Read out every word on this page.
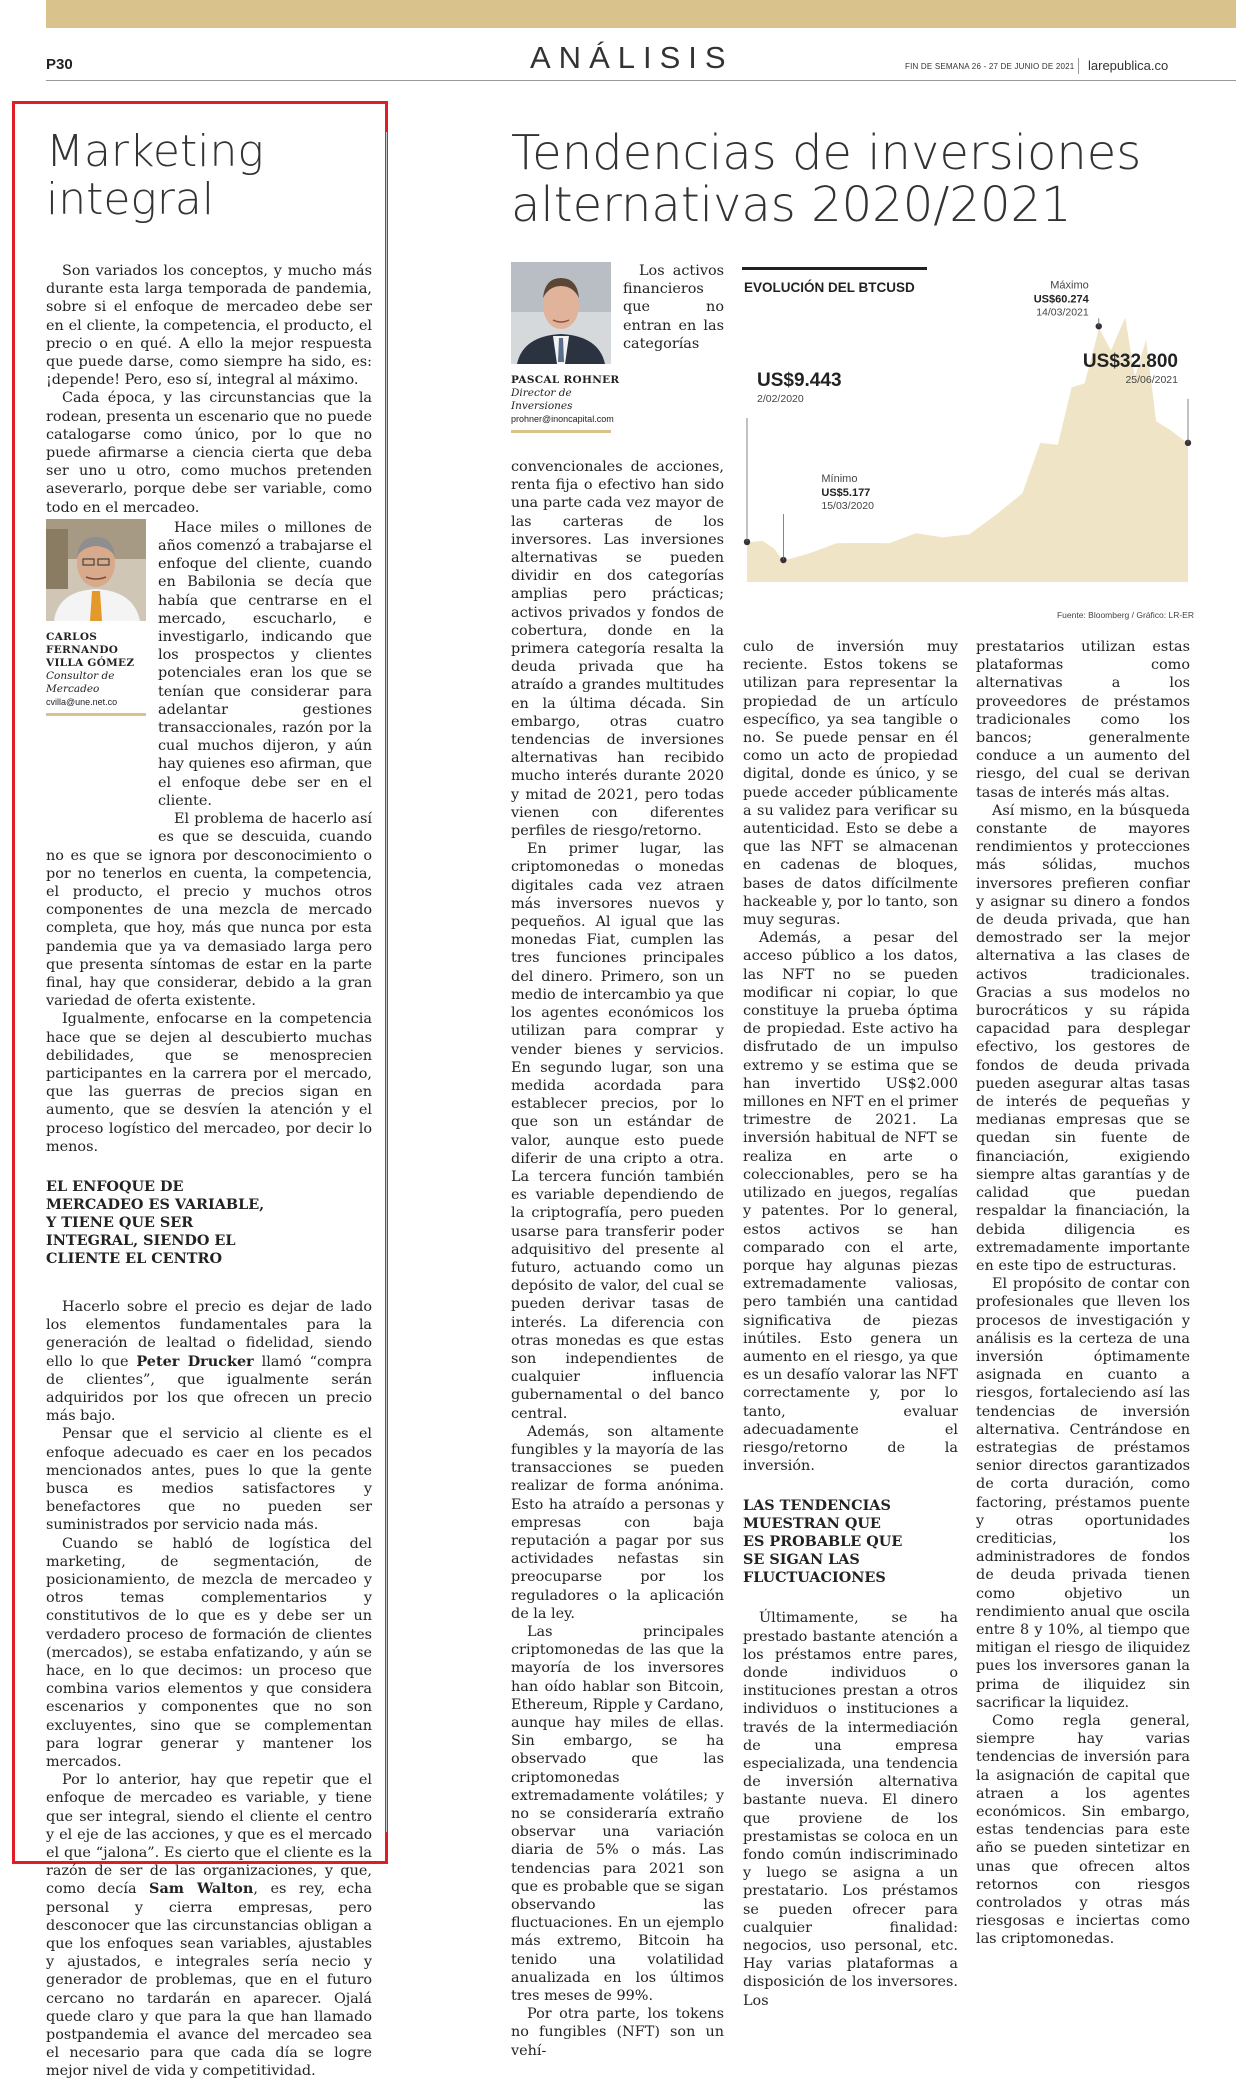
P30	ANÁLISIS	FIN DE SEMANA 26 - 27 DE JUNIO DE 2021 larepublica.co
Marketing integral
Tendencias de inversiones alternativas 2020/2021

Son variados los conceptos, y mucho más durante esta larga temporada de pandemia, sobre si el enfoque de mercadeo debe ser en el cliente, la competencia, el producto, el precio o en qué. A ello la mejor respuesta que puede darse, como siempre ha sido, es: ¡depende! Pero, eso sí, integral al máximo.

Cada época, y las circunstancias que la rodean, presenta un escenario que no puede catalogarse como único, por lo que no puede afirmarse a ciencia cierta que deba ser uno u otro, como muchos pretenden aseverarlo, porque debe ser variable, como todo en el mercadeo.

CARLOS FERNANDO VILLA GÓMEZ
Consultor de Mercadeo
cvilla@une.net.co

Hace miles o millones de años comenzó a trabajarse el enfoque del cliente, cuando en Babilonia se decía que había que centrarse en el mercado, escucharlo, e investigarlo, indicando que los prospectos y clientes potenciales eran los que se tenían que considerar para adelantar gestiones transaccionales, razón por la cual muchos dijeron, y aún hay quienes eso afirman, que el enfoque debe ser en el cliente.

El problema de hacerlo así es que se descuida, cuando no es que se ignora por desconocimiento o por no tenerlos en cuenta, la competencia, el producto, el precio y muchos otros componentes de una mezcla de mercado completa, que hoy, más que nunca por esta pandemia que ya va demasiado larga pero que presenta síntomas de estar en la parte final, hay que considerar, debido a la gran variedad de oferta existente.

Igualmente, enfocarse en la competencia hace que se dejen al descubierto muchas debilidades, que se menosprecien participantes en la carrera por el mercado, que las guerras de precios sigan en aumento, que se desvíen la atención y el proceso logístico del mercadeo, por decir lo menos.

EL ENFOQUE DE MERCADEO ES VARIABLE, Y TIENE QUE SER INTEGRAL, SIENDO EL CLIENTE EL CENTRO

Hacerlo sobre el precio es dejar de lado los elementos fundamentales para la generación de lealtad o fidelidad, siendo ello lo que Peter Drucker llamó “compra de clientes”, que igualmente serán adquiridos por los que ofrecen un precio más bajo.

Pensar que el servicio al cliente es el enfoque adecuado es caer en los pecados mencionados antes, pues lo que la gente busca es medios satisfactores y benefactores que no pueden ser suministrados por servicio nada más.

Cuando se habló de logística del marketing, de segmentación, de posicionamiento, de mezcla de mercadeo y otros temas complementarios y constitutivos de lo que es y debe ser un verdadero proceso de formación de clientes (mercados), se estaba enfatizando, y aún se hace, en lo que decimos: un proceso que combina varios elementos y que considera escenarios y componentes que no son excluyentes, sino que se complementan para lograr generar y mantener los mercados.

Por lo anterior, hay que repetir que el enfoque de mercadeo es variable, y tiene que ser integral, siendo el cliente el centro y el eje de las acciones, y que es el mercado el que “jalona”. Es cierto que el cliente es la razón de ser de las organizaciones, y que, como decía Sam Walton, es rey, echa personal y cierra empresas, pero desconocer que las circunstancias obligan a que los enfoques sean variables, ajustables y ajustados, e integrales sería necio y generador de problemas, que en el futuro cercano no tardarán en aparecer. Ojalá quede claro y que para la que han llamado postpandemia el avance del mercadeo sea el necesario para que cada día se logre mejor nivel de vida y competitividad.

PASCAL ROHNER
Director de Inversiones
prohner@inoncapital.com

Los activos financieros que no entran en las categorías convencionales de acciones, renta fija o efectivo han sido una parte cada vez mayor de las carteras de los inversores. Las inversiones alternativas se pueden dividir en dos categorías amplias pero prácticas; activos privados y fondos de cobertura, donde en la primera categoría resalta la deuda privada que ha atraído a grandes multitudes en la última década. Sin embargo, otras cuatro tendencias de inversiones alternativas han recibido mucho interés durante 2020 y mitad de 2021, pero todas vienen con diferentes perfiles de riesgo/retorno.

En primer lugar, las criptomonedas o monedas digitales cada vez atraen más inversores nuevos y pequeños. Al igual que las monedas Fiat, cumplen las tres funciones principales del dinero. Primero, son un medio de intercambio ya que los agentes económicos los utilizan para comprar y vender bienes y servicios. En segundo lugar, son una medida acordada para establecer precios, por lo que son un estándar de valor, aunque esto puede diferir de una cripto a otra. La tercera función también es variable dependiendo de la criptografía, pero pueden usarse para transferir poder adquisitivo del presente al futuro, actuando como un depósito de valor, del cual se pueden derivar tasas de interés. La diferencia con otras monedas es que estas son independientes de cualquier influencia gubernamental o del banco central.

Además, son altamente fungibles y la mayoría de las transacciones se pueden realizar de forma anónima. Esto ha atraído a personas y empresas con baja reputación a pagar por sus actividades nefastas sin preocuparse por los reguladores o la aplicación de la ley.

Las principales criptomonedas de las que la mayoría de los inversores han oído hablar son Bitcoin, Ethereum, Ripple y Cardano, aunque hay miles de ellas. Sin embargo, se ha observado que las criptomonedas extremadamente volátiles; y no se consideraría extraño observar una variación diaria de 5% o más. Las tendencias para 2021 son que es probable que se sigan observando las fluctuaciones. En un ejemplo más extremo, Bitcoin ha tenido una volatilidad anualizada en los últimos tres meses de 99%.

Por otra parte, los tokens no fungibles (NFT) son un vehí-

EVOLUCIÓN DEL BTCUSD
US$9.443
2/02/2020
Mínimo
US$5.177
15/03/2020
Máximo
US$60.274
14/03/2021
US$32.800
25/06/2021
Fuente: Bloomberg / Gráfico: LR-ER

culo de inversión muy reciente. Estos tokens se utilizan para representar la propiedad de un artículo específico, ya sea tangible o no. Se puede pensar en él como un acto de propiedad digital, donde es único, y se puede acceder públicamente a su validez para verificar su autenticidad. Esto se debe a que las NFT se almacenan en cadenas de bloques, bases de datos difícilmente hackeable y, por lo tanto, son muy seguras.

Además, a pesar del acceso público a los datos, las NFT no se pueden modificar ni copiar, lo que constituye la prueba óptima de propiedad. Este activo ha disfrutado de un impulso extremo y se estima que se han invertido US$2.000 millones en NFT en el primer trimestre de 2021. La inversión habitual de NFT se realiza en arte o coleccionables, pero se ha utilizado en juegos, regalías y patentes. Por lo general, estos activos se han comparado con el arte, porque hay algunas piezas extremadamente valiosas, pero también una cantidad significativa de piezas inútiles. Esto genera un aumento en el riesgo, ya que es un desafío valorar las NFT correctamente y, por lo tanto, evaluar adecuadamente el riesgo/retorno de la inversión.

LAS TENDENCIAS MUESTRAN QUE ES PROBABLE QUE SE SIGAN LAS FLUCTUACIONES

Últimamente, se ha prestado bastante atención a los préstamos entre pares, donde individuos o instituciones prestan a otros individuos o instituciones a través de la intermediación de una empresa especializada, una tendencia de inversión alternativa bastante nueva. El dinero que proviene de los prestamistas se coloca en un fondo común indiscriminado y luego se asigna a un prestatario. Los préstamos se pueden ofrecer para cualquier finalidad: negocios, uso personal, etc. Hay varias plataformas a disposición de los inversores. Los

prestatarios utilizan estas plataformas como alternativas a los proveedores de préstamos tradicionales como los bancos; generalmente conduce a un aumento del riesgo, del cual se derivan tasas de interés más altas.

Así mismo, en la búsqueda constante de mayores rendimientos y protecciones más sólidas, muchos inversores prefieren confiar y asignar su dinero a fondos de deuda privada, que han demostrado ser la mejor alternativa a las clases de activos tradicionales. Gracias a sus modelos no burocráticos y su rápida capacidad para desplegar efectivo, los gestores de fondos de deuda privada pueden asegurar altas tasas de interés de pequeñas y medianas empresas que se quedan sin fuente de financiación, exigiendo siempre altas garantías y de calidad que puedan respaldar la financiación, la debida diligencia es extremadamente importante en este tipo de estructuras.

El propósito de contar con profesionales que lleven los procesos de investigación y análisis es la certeza de una inversión óptimamente asignada en cuanto a riesgos, fortaleciendo así las tendencias de inversión alternativa. Centrándose en estrategias de préstamos senior directos garantizados de corta duración, como factoring, préstamos puente y otras oportunidades crediticias, los administradores de fondos de deuda privada tienen como objetivo un rendimiento anual que oscila entre 8 y 10%, al tiempo que mitigan el riesgo de iliquidez pues los inversores ganan la prima de iliquidez sin sacrificar la liquidez.

Como regla general, siempre hay varias tendencias de inversión para la asignación de capital que atraen a los agentes económicos. Sin embargo, estas tendencias para este año se pueden sintetizar en unas que ofrecen altos retornos con riesgos controlados y otras más riesgosas e inciertas como las criptomonedas.
